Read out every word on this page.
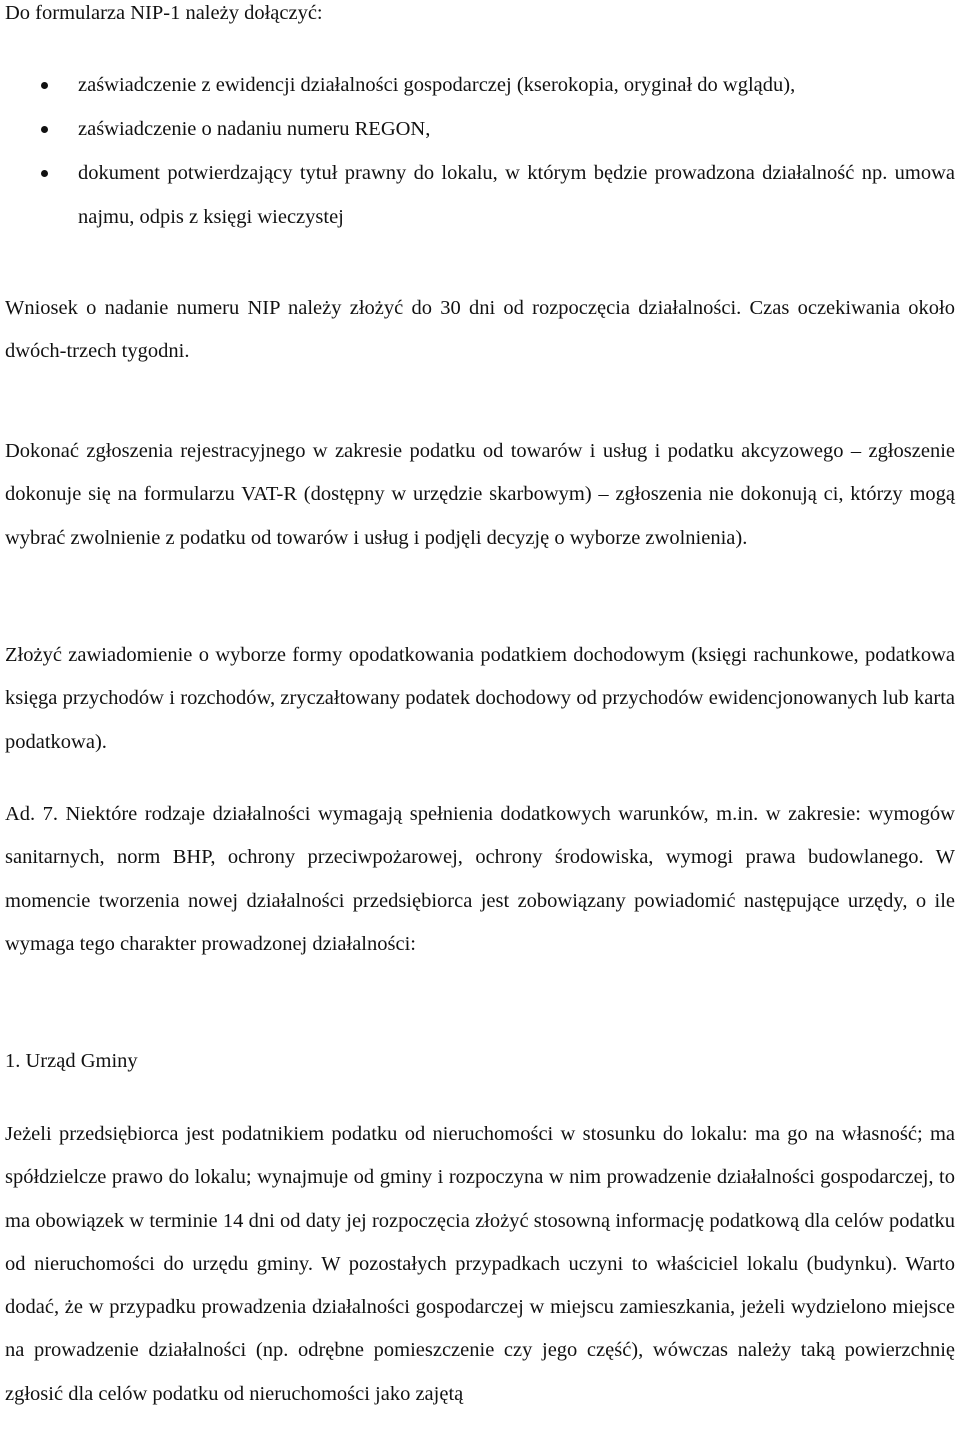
Do formularza NIP-1 należy dołączyć:
zaświadczenie z ewidencji działalności gospodarczej (kserokopia, oryginał do wglądu),
zaświadczenie o nadaniu numeru REGON,
dokument potwierdzający tytuł prawny do lokalu, w którym będzie prowadzona działalność np. umowa najmu, odpis z księgi wieczystej

Wniosek o nadanie numeru NIP należy złożyć do 30 dni od rozpoczęcia działalności. Czas oczekiwania około dwóch-trzech tygodni.

Dokonać zgłoszenia rejestracyjnego w zakresie podatku od towarów i usług i podatku akcyzowego – zgłoszenie dokonuje się na formularzu VAT-R (dostępny w urzędzie skarbowym) – zgłoszenia nie dokonują ci, którzy mogą wybrać zwolnienie z podatku od towarów i usług i podjęli decyzję o wyborze zwolnienia).

Złożyć zawiadomienie o wyborze formy opodatkowania podatkiem dochodowym (księgi rachunkowe, podatkowa księga przychodów i rozchodów, zryczałtowany podatek dochodowy od przychodów ewidencjonowanych lub karta podatkowa).

Ad. 7. Niektóre rodzaje działalności wymagają spełnienia dodatkowych warunków, m.in. w zakresie: wymogów sanitarnych, norm BHP, ochrony przeciwpożarowej, ochrony środowiska, wymogi prawa budowlanego. W momencie tworzenia nowej działalności przedsiębiorca jest zobowiązany powiadomić następujące urzędy, o ile wymaga tego charakter prowadzonej działalności:

1. Urząd Gminy

Jeżeli przedsiębiorca jest podatnikiem podatku od nieruchomości w stosunku do lokalu: ma go na własność; ma spółdzielcze prawo do lokalu; wynajmuje od gminy i rozpoczyna w nim prowadzenie działalności gospodarczej, to ma obowiązek w terminie 14 dni od daty jej rozpoczęcia złożyć stosowną informację podatkową dla celów podatku od nieruchomości do urzędu gminy. W pozostałych przypadkach uczyni to właściciel lokalu (budynku). Warto dodać, że w przypadku prowadzenia działalności gospodarczej w miejscu zamieszkania, jeżeli wydzielono miejsce na prowadzenie działalności (np. odrębne pomieszczenie czy jego część), wówczas należy taką powierzchnię zgłosić dla celów podatku od nieruchomości jako zajętą
